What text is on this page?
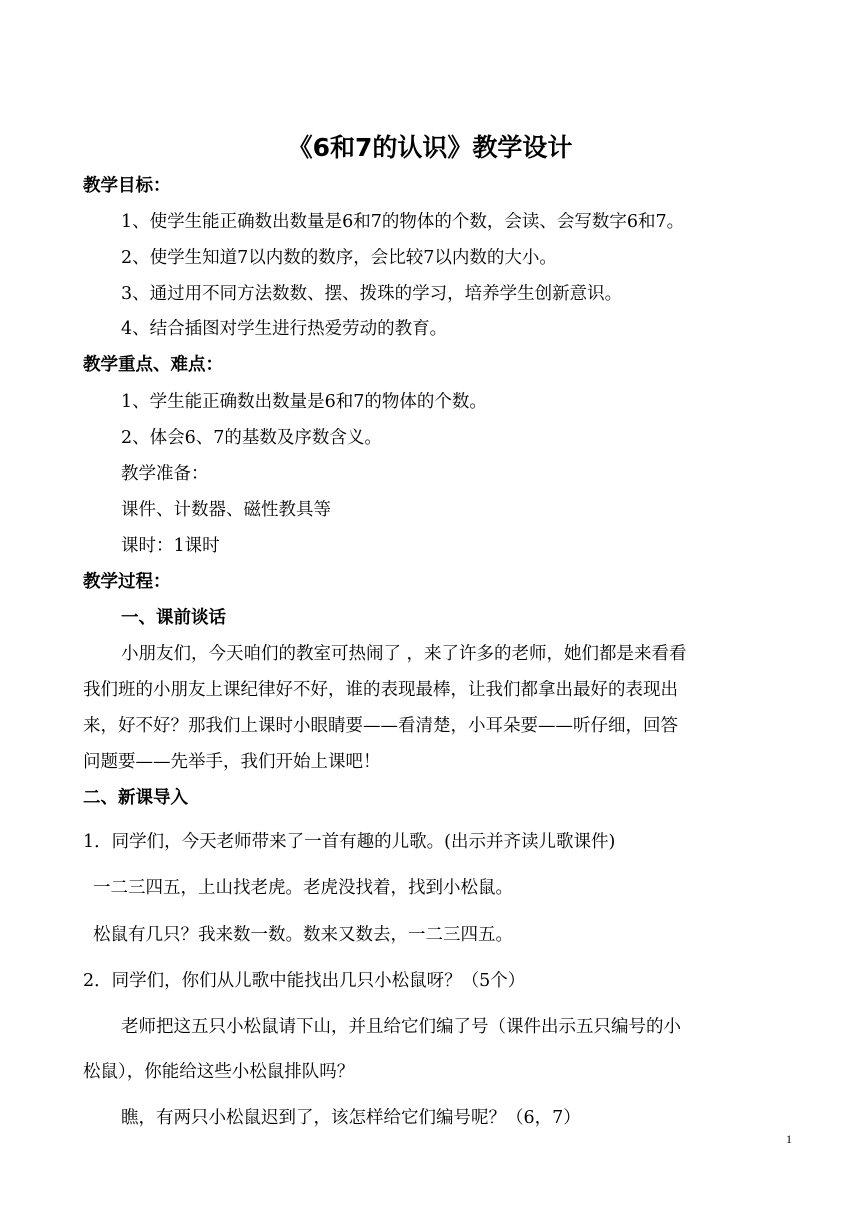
《6和7的认识》教学设计
教学目标：
1、使学生能正确数出数量是6和7的物体的个数，会读、会写数字6和7。
2、使学生知道7以内数的数序，会比较7以内数的大小。
3、通过用不同方法数数、摆、拨珠的学习，培养学生创新意识。
4、结合插图对学生进行热爱劳动的教育。
教学重点、难点：
1、学生能正确数出数量是6和7的物体的个数。
2、体会6、7的基数及序数含义。
教学准备：
课件、计数器、磁性教具等
课时：1课时
教学过程：
一、课前谈话
小朋友们，今天咱们的教室可热闹了 ，来了许多的老师，她们都是来看看
我们班的小朋友上课纪律好不好，谁的表现最棒，让我们都拿出最好的表现出
来，好不好？那我们上课时小眼睛要——看清楚，小耳朵要——听仔细，回答
问题要——先举手，我们开始上课吧！
二、新课导入
1．同学们，今天老师带来了一首有趣的儿歌。(出示并齐读儿歌课件)
一二三四五，上山找老虎。老虎没找着，找到小松鼠。
松鼠有几只？我来数一数。数来又数去，一二三四五。
2．同学们，你们从儿歌中能找出几只小松鼠呀？（5个）
老师把这五只小松鼠请下山，并且给它们编了号（课件出示五只编号的小
松鼠），你能给这些小松鼠排队吗？
瞧，有两只小松鼠迟到了，该怎样给它们编号呢？（6，7）
1
